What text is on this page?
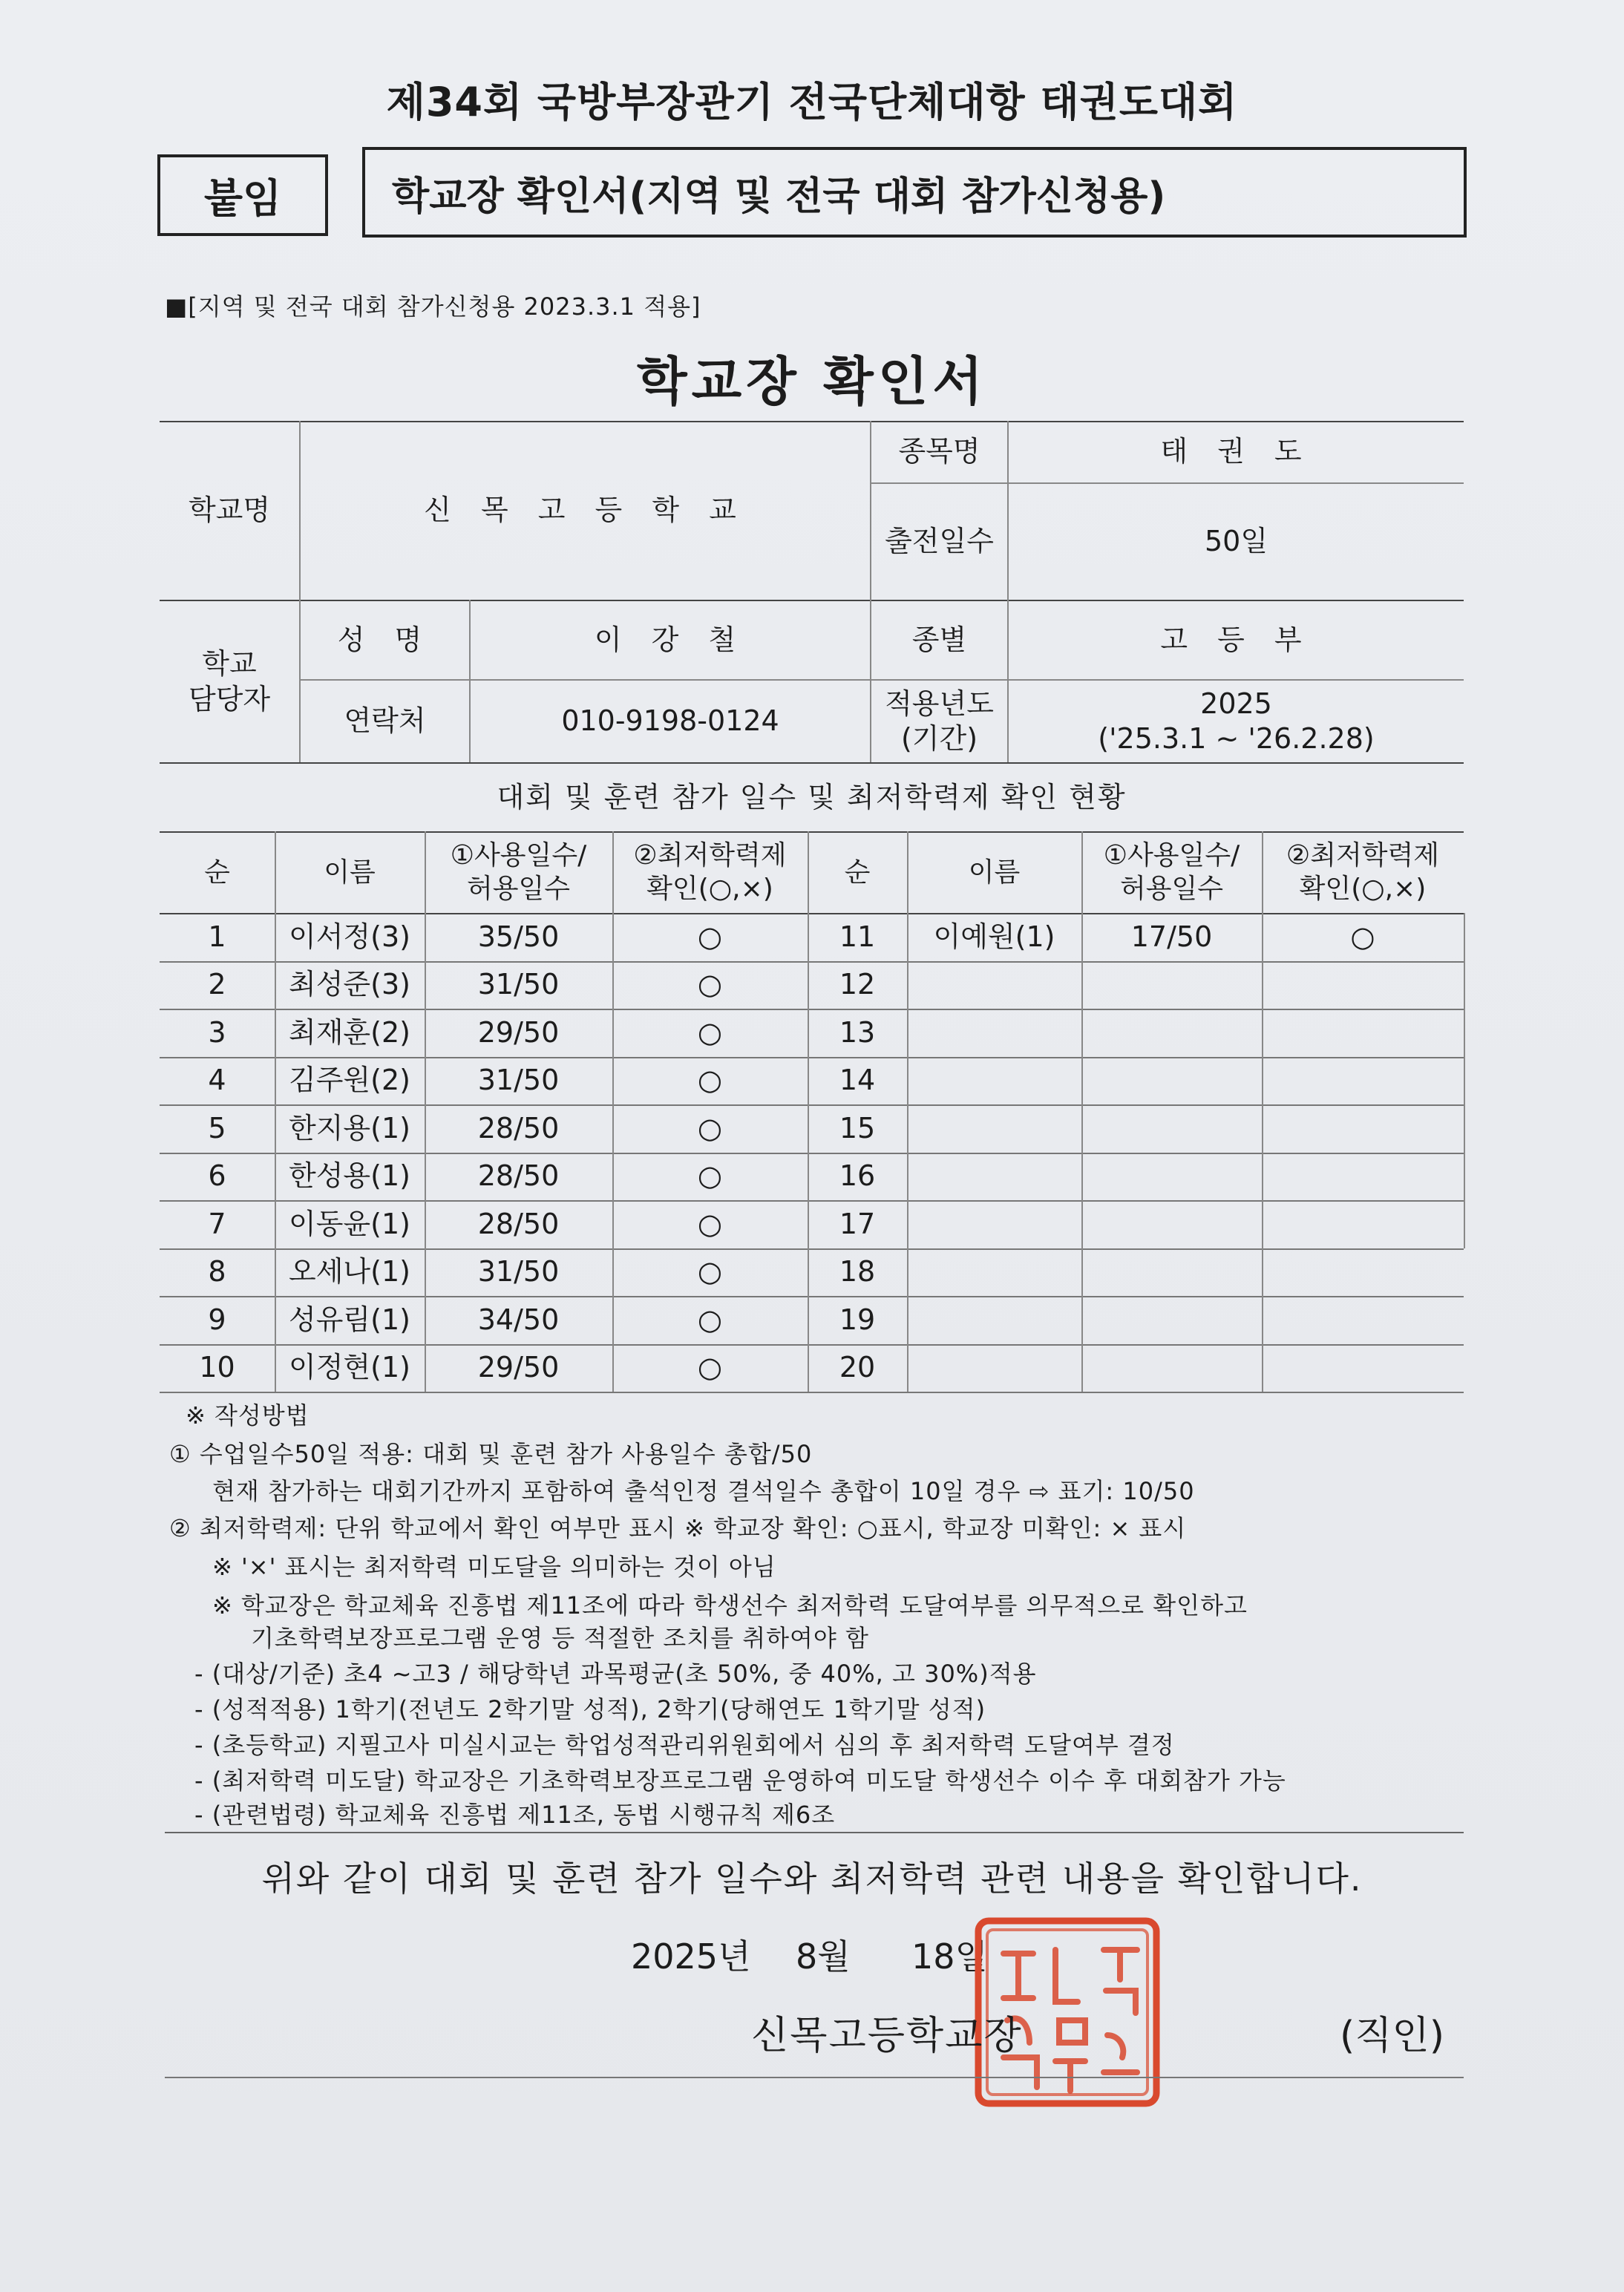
제34회 국방부장관기 전국단체대항 태권도대회
붙임	학교장 확인서(지역 및 전국 대회 참가신청용)
■[지역 및 전국 대회 참가신청용 2023.3.1 적용]
학교장 확인서
학교명	신 목 고 등 학 교
종목명	태 권 도
출전일수	50일
학교
담당자
성 명	이 강 철
연락처	010-9198-0124
종별	고 등 부
적용년도
(기간)
2025
('25.3.1 ~ '26.2.28)
대회 및 훈련 참가 일수 및 최저학력제 확인 현황
순	이름
①사용일수/
허용일수
②최저학력제
확인(○,×)
순	이름
①사용일수/
허용일수
②최저학력제
확인(○,×)
1	이서정(3)	35/50	○	11	이예원(1)	17/50	○
2	최성준(3)	31/50	○	12
3	최재훈(2)	29/50	○	13
4	김주원(2)	31/50	○	14
5	한지용(1)	28/50	○	15
6	한성용(1)	28/50	○	16
7	이동윤(1)	28/50	○	17
8	오세나(1)	31/50	○	18
9	성유림(1)	34/50	○	19
10	이정현(1)	29/50	○	20
※ 작성방법
① 수업일수50일 적용: 대회 및 훈련 참가 사용일수 총합/50
현재 참가하는 대회기간까지 포함하여 출석인정 결석일수 총합이 10일 경우 ⇨ 표기: 10/50
② 최저학력제: 단위 학교에서 확인 여부만 표시 ※ 학교장 확인: ○표시, 학교장 미확인: × 표시
※ '×' 표시는 최저학력 미도달을 의미하는 것이 아님
※ 학교장은 학교체육 진흥법 제11조에 따라 학생선수 최저학력 도달여부를 의무적으로 확인하고
기초학력보장프로그램 운영 등 적절한 조치를 취하여야 함
- (대상/기준) 초4 ~고3 / 해당학년 과목평균(초 50%, 중 40%, 고 30%)적용
- (성적적용) 1학기(전년도 2학기말 성적), 2학기(당해연도 1학기말 성적)
- (초등학교) 지필고사 미실시교는 학업성적관리위원회에서 심의 후 최저학력 도달여부 결정
- (최저학력 미도달) 학교장은 기초학력보장프로그램 운영하여 미도달 학생선수 이수 후 대회참가 가능
- (관련법령) 학교체육 진흥법 제11조, 동법 시행규칙 제6조
위와 같이 대회 및 훈련 참가 일수와 최저학력 관련 내용을 확인합니다.
2025년 8월 18일
신목고등학교장	(직인)
